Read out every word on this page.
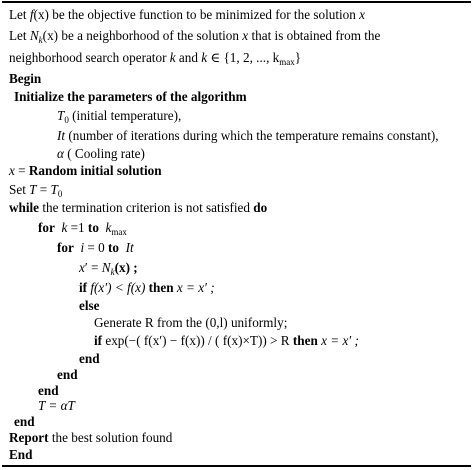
Let f(x) be the objective function to be minimized for the solution x
Let $N_k(x)$ be a neighborhood of the solution x that is obtained from the
neighborhood search operator k and k ∈ {1, 2, ..., $k_{max}$}
Begin
Initialize the parameters of the algorithm
$T_0$ (initial temperature),
It (number of iterations during which the temperature remains constant),
α ( Cooling rate)
x = Random initial solution
Set $T = T_0$
while the termination criterion is not satisfied do
for k =1 to $k_{max}$
for i = 0 to It
$x' = N_k(x)$ ;
if f(x′) < f(x) then x = x′ ;
else
Generate R from the (0,l) uniformly;
if exp(−( f(x′) − f(x)) / ( f(x)×T)) > R then x = x′ ;
end
end
end
T = αT
end
Report the best solution found
End
